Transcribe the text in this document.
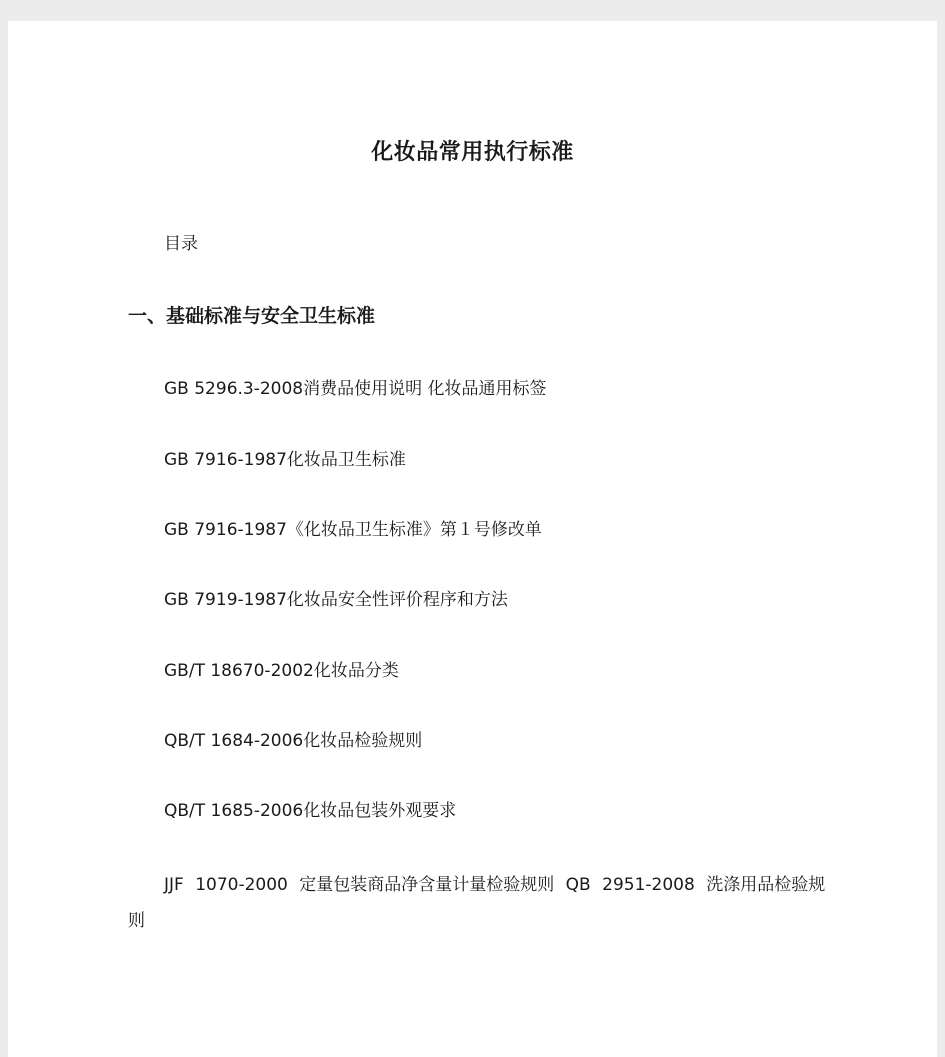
化妆品常用执行标准
目录
一、基础标准与安全卫生标准
GB 5296.3-2008消费品使用说明 化妆品通用标签
GB 7916-1987化妆品卫生标准
GB 7916-1987《化妆品卫生标准》第１号修改单
GB 7919-1987化妆品安全性评价程序和方法
GB/T 18670-2002化妆品分类
QB/T 1684-2006化妆品检验规则
QB/T 1685-2006化妆品包装外观要求
JJF 1070-2000 定量包装商品净含量计量检验规则 QB 2951-2008 洗涤用品检验规则
